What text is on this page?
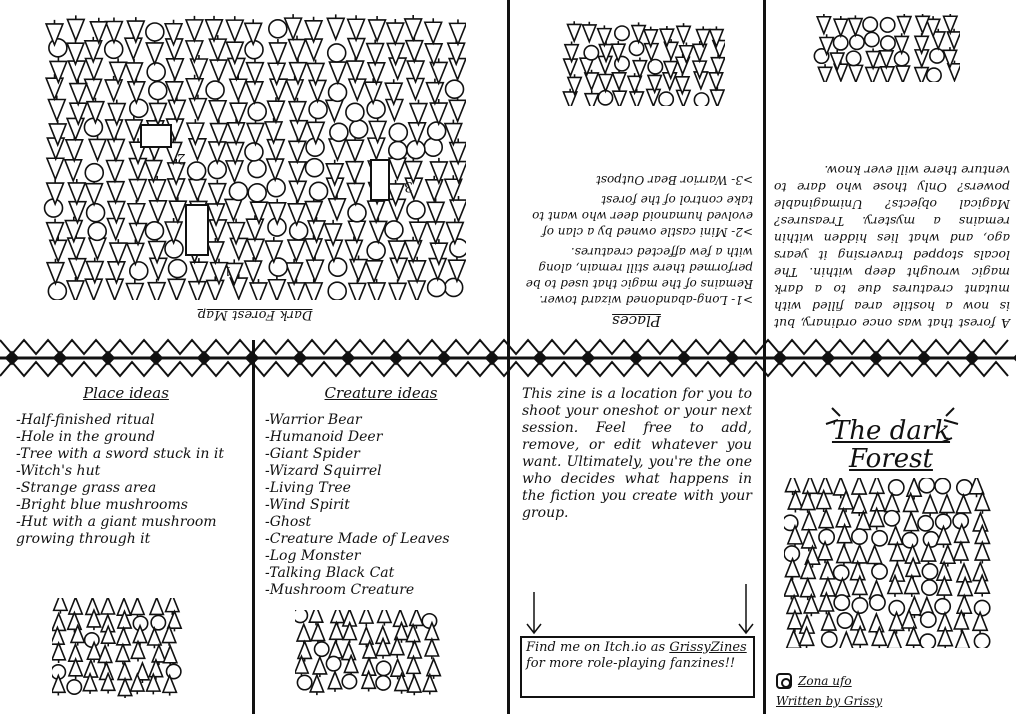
Dark Forest Map
1
2
3
Places
>1- Long-abandoned wizard tower. Remains of the magic that used to be performed there still remain, along with a few affected creatures.
>2- Mini castle owned by a clan of evolved humanoid deer who want to take control of the forest
>3- Warrior Bear Outpost
A forest that was once ordinary, but is now a hostile area filled with mutant creatures due to a dark magic wrought deep within. The locals stopped traversing it years ago, and what lies hidden within remains a mystery. Treasures? Magical objects? Unimaginable powers? Only those who dare to venture there will ever know.
Place ideas
-Half-finished ritual
-Hole in the ground
-Tree with a sword stuck in it
-Witch's hut
-Strange grass area
-Bright blue mushrooms
-Hut with a giant mushroom growing through it
Creature ideas
-Warrior Bear
-Humanoid Deer
-Giant Spider
-Wizard Squirrel
-Living Tree
-Wind Spirit
-Ghost
-Creature Made of Leaves
-Log Monster
-Talking Black Cat
-Mushroom Creature
This zine is a location for you to shoot your oneshot or your next session. Feel free to add, remove, or edit whatever you want. Ultimately, you're the one who decides what happens in the fiction you create with your group.
Find me on Itch.io as GrissyZines for more role-playing fanzines!!
The dark
Forest
Zona ufo
Written by Grissy
